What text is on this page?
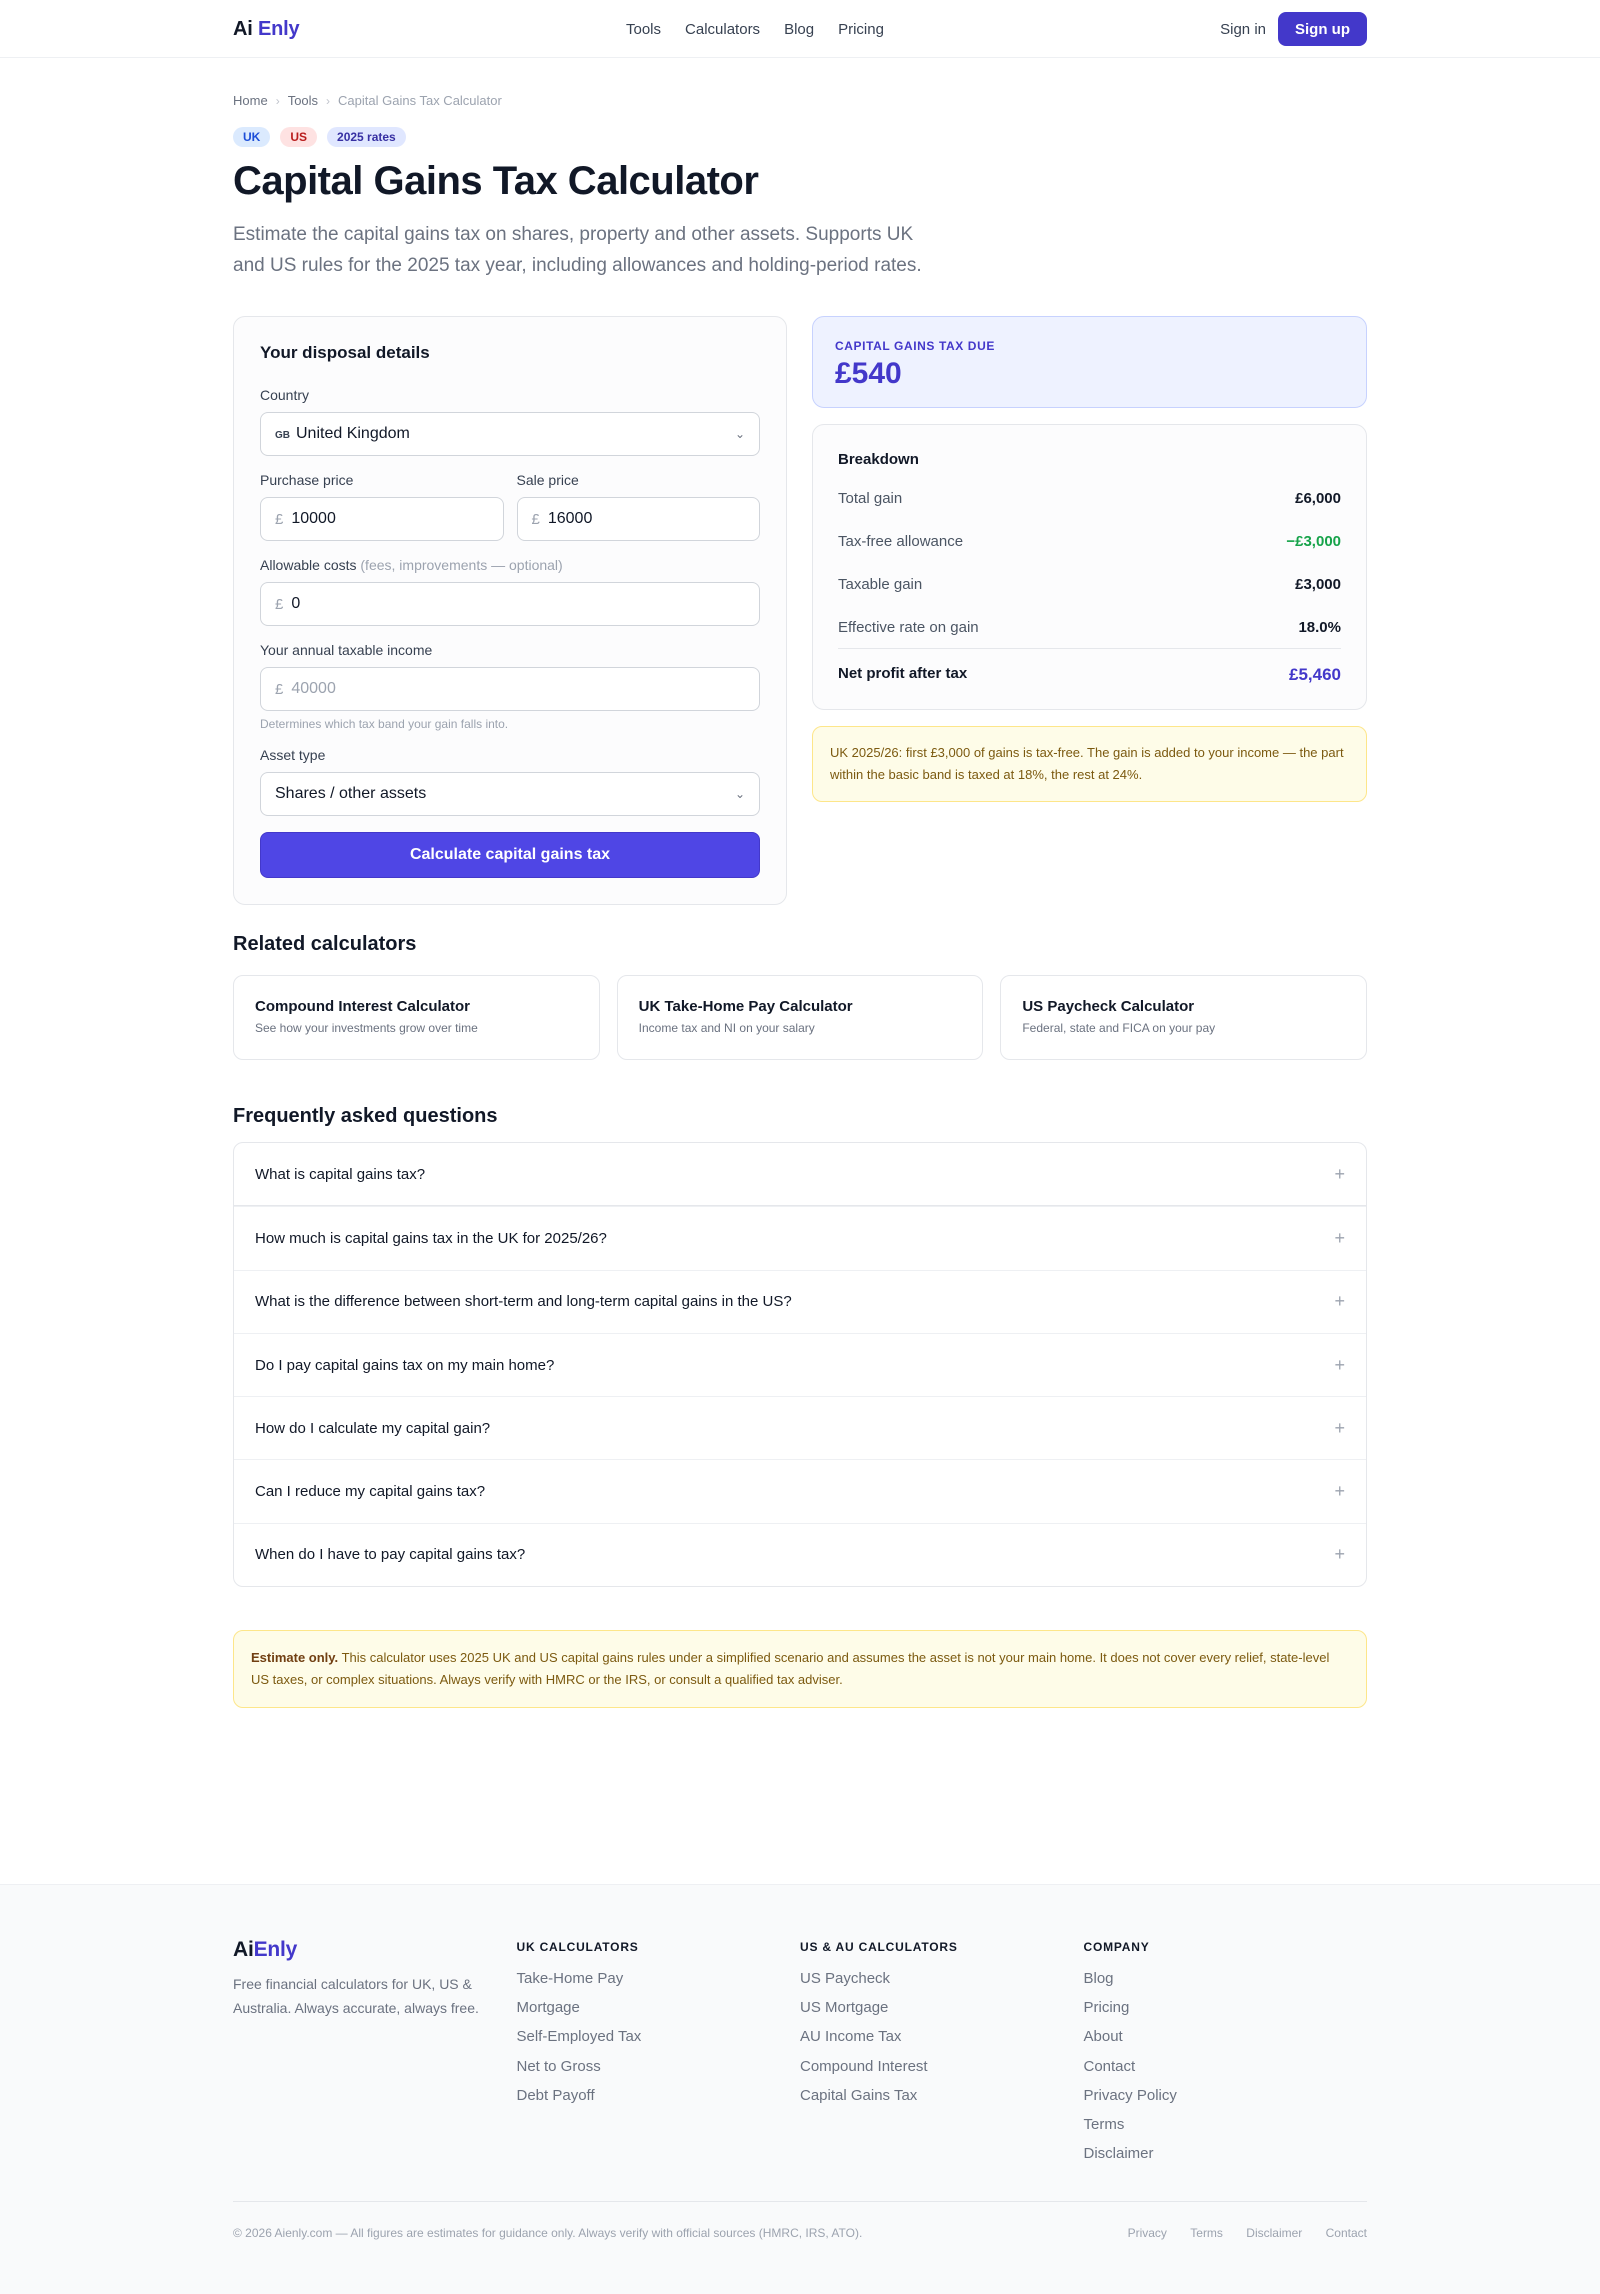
Ai Enly	Tools Calculators Blog Pricing	Sign in	Sign up
Home › Tools › Capital Gains Tax Calculator
UK	US	2025 rates
Capital Gains Tax Calculator

Estimate the capital gains tax on shares, property and other assets. Supports UK and US rules for the 2025 tax year, including allowances and holding-period rates.

Your disposal details
Country
GB United Kingdom	⌄
Purchase price
£ 10000
Sale price
£ 16000
Allowable costs (fees, improvements — optional)
£ 0
Your annual taxable income
£ 40000
Determines which tax band your gain falls into.
Asset type
Shares / other assets	⌄
Calculate capital gains tax
CAPITAL GAINS TAX DUE
£540
Breakdown
Total gain	£6,000
Tax-free allowance	−£3,000
Taxable gain	£3,000
Effective rate on gain	18.0%
Net profit after tax	£5,460
UK 2025/26: first £3,000 of gains is tax-free. The gain is added to your income — the part within the basic band is taxed at 18%, the rest at 24%.
Related calculators
Compound Interest Calculator
See how your investments grow over time
UK Take-Home Pay Calculator
Income tax and NI on your salary
US Paycheck Calculator
Federal, state and FICA on your pay
Frequently asked questions
What is capital gains tax?	+
How much is capital gains tax in the UK for 2025/26?	+
What is the difference between short-term and long-term capital gains in the US?	+
Do I pay capital gains tax on my main home?	+
How do I calculate my capital gain?	+
Can I reduce my capital gains tax?	+
When do I have to pay capital gains tax?	+
Estimate only. This calculator uses 2025 UK and US capital gains rules under a simplified scenario and assumes the asset is not your main home. It does not cover every relief, state-level US taxes, or complex situations. Always verify with HMRC or the IRS, or consult a qualified tax adviser.
AiEnly
Free financial calculators for UK, US & Australia. Always accurate, always free.
UK CALCULATORS
Take-Home Pay
Mortgage
Self-Employed Tax
Net to Gross
Debt Payoff
US & AU CALCULATORS
US Paycheck
US Mortgage
AU Income Tax
Compound Interest
Capital Gains Tax
COMPANY
Blog
Pricing
About
Contact
Privacy Policy
Terms
Disclaimer
© 2026 Aienly.com — All figures are estimates for guidance only. Always verify with official sources (HMRC, IRS, ATO).	Privacy Terms Disclaimer Contact
